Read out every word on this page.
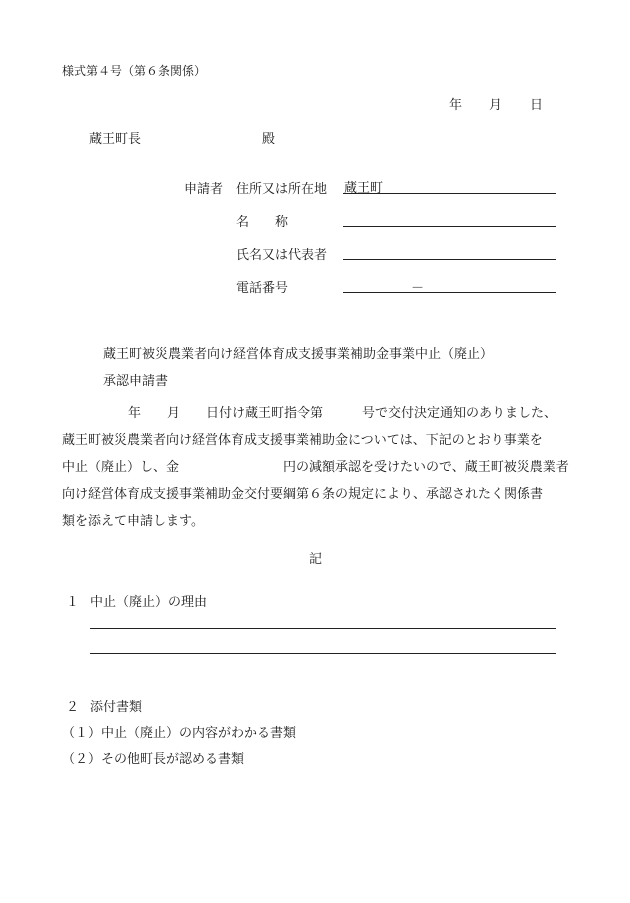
様式第４号（第６条関係）
年 月 日
蔵王町長	殿
申請者 住所又は所在地 蔵王町
名　　称
氏名又は代表者
電話番号	－
蔵王町被災農業者向け経営体育成支援事業補助金事業中止（廃止）
承認申請書
年　　月　　日付け蔵王町指令第　　　号で交付決定通知のありました、
蔵王町被災農業者向け経営体育成支援事業補助金については、下記のとおり事業を
中止（廃止）し、金　　　　　　　　円の減額承認を受けたいので、蔵王町被災農業者
向け経営体育成支援事業補助金交付要綱第６条の規定により、承認されたく関係書
類を添えて申請します。
記
１ 中止（廃止）の理由
２ 添付書類
（１）中止（廃止）の内容がわかる書類
（２）その他町長が認める書類
